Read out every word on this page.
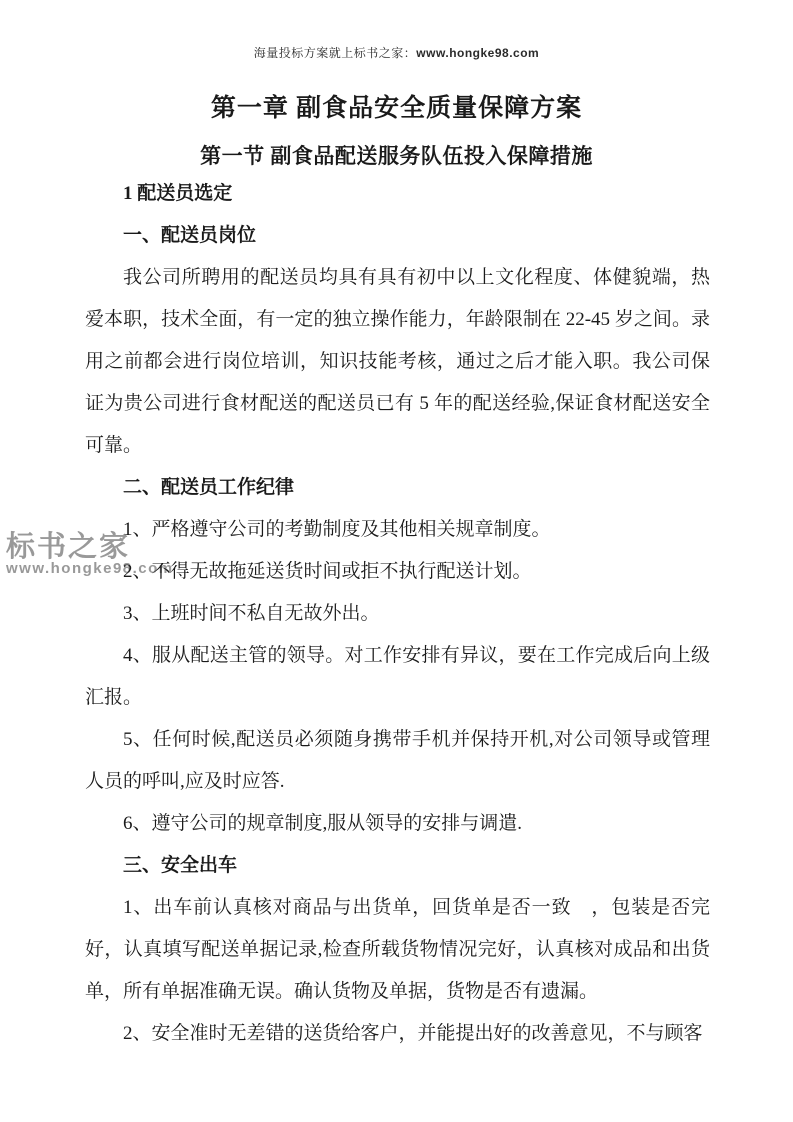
标书之家
www.hongke98.com
海量投标方案就上标书之家：www.hongke98.com
第一章 副食品安全质量保障方案
第一节 副食品配送服务队伍投入保障措施

1 配送员选定

一、配送员岗位

我公司所聘用的配送员均具有具有初中以上文化程度、体健貌端，热爱本职，技术全面，有一定的独立操作能力，年龄限制在 22-45 岁之间。录用之前都会进行岗位培训，知识技能考核，通过之后才能入职。我公司保证为贵公司进行食材配送的配送员已有 5 年的配送经验,保证食材配送安全可靠。

二、配送员工作纪律

1、严格遵守公司的考勤制度及其他相关规章制度。

2、不得无故拖延送货时间或拒不执行配送计划。

3、上班时间不私自无故外出。

4、服从配送主管的领导。对工作安排有异议，要在工作完成后向上级汇报。

5、任何时候,配送员必须随身携带手机并保持开机,对公司领导或管理人员的呼叫,应及时应答.

6、遵守公司的规章制度,服从领导的安排与调遣.

三、安全出车

1、出车前认真核对商品与出货单，回货单是否一致　，包装是否完好，认真填写配送单据记录,检查所载货物情况完好，认真核对成品和出货单，所有单据准确无误。确认货物及单据，货物是否有遗漏。

2、安全准时无差错的送货给客户，并能提出好的改善意见，不与顾客
